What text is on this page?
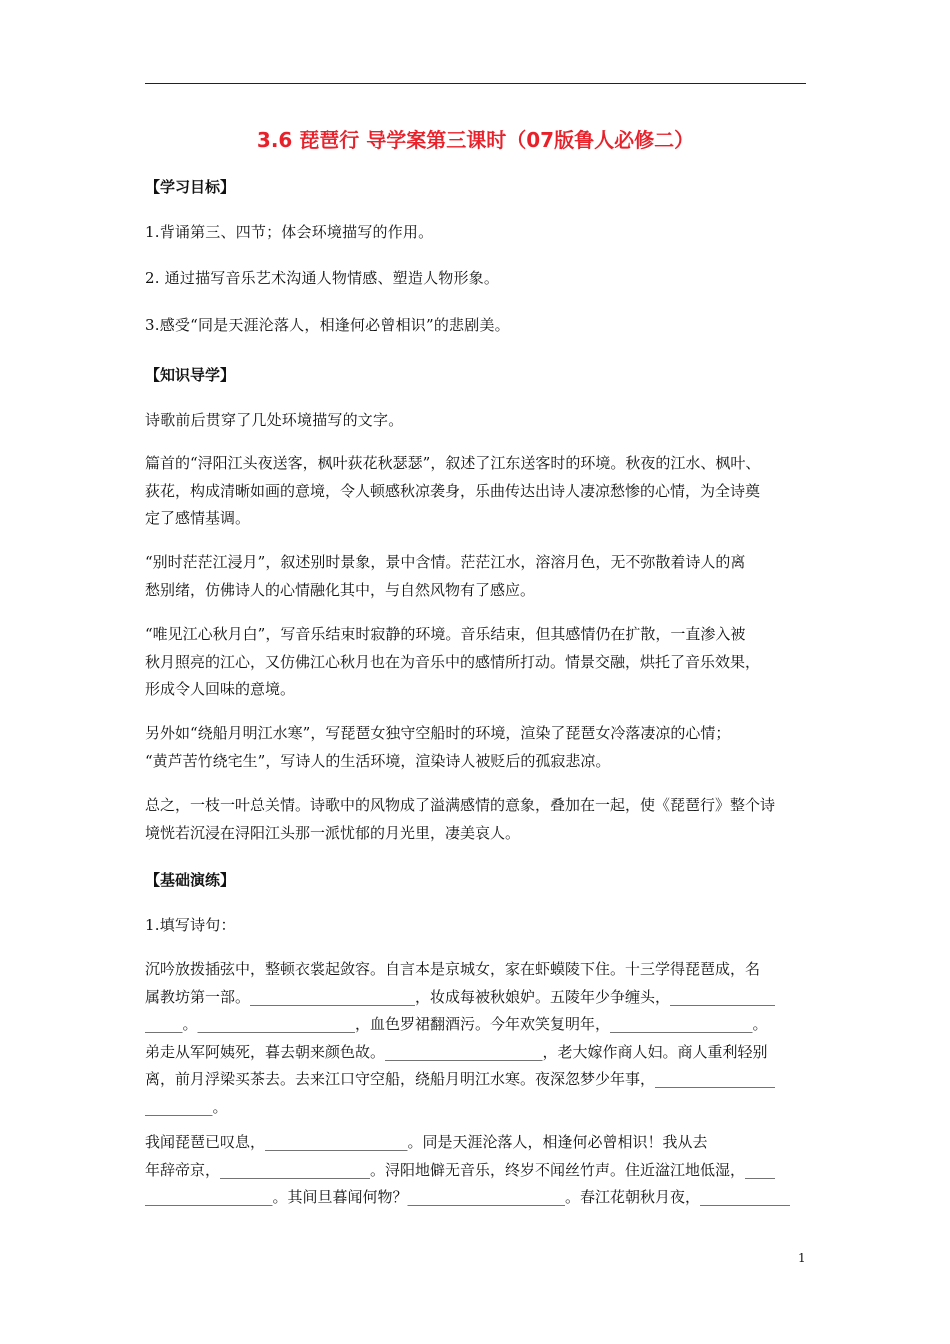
3.6 琵琶行 导学案第三课时（07版鲁人必修二）
【学习目标】
1.背诵第三、四节；体会环境描写的作用。
2. 通过描写音乐艺术沟通人物情感、塑造人物形象。
3.感受“同是天涯沦落人，相逢何必曾相识”的悲剧美。
【知识导学】
诗歌前后贯穿了几处环境描写的文字。
篇首的“浔阳江头夜送客，枫叶荻花秋瑟瑟”，叙述了江东送客时的环境。秋夜的江水、枫叶、
荻花，构成清晰如画的意境，令人顿感秋凉袭身，乐曲传达出诗人凄凉愁惨的心情，为全诗奠
定了感情基调。
“别时茫茫江浸月”，叙述别时景象，景中含情。茫茫江水，溶溶月色，无不弥散着诗人的离
愁别绪，仿佛诗人的心情融化其中，与自然风物有了感应。
“唯见江心秋月白”，写音乐结束时寂静的环境。音乐结束，但其感情仍在扩散，一直渗入被
秋月照亮的江心，又仿佛江心秋月也在为音乐中的感情所打动。情景交融，烘托了音乐效果，
形成令人回味的意境。
另外如“绕船月明江水寒”，写琵琶女独守空船时的环境，渲染了琵琶女冷落凄凉的心情；
“黄芦苦竹绕宅生”，写诗人的生活环境，渲染诗人被贬后的孤寂悲凉。
总之，一枝一叶总关情。诗歌中的风物成了溢满感情的意象，叠加在一起，使《琵琶行》整个诗
境恍若沉浸在浔阳江头那一派忧郁的月光里，凄美哀人。
【基础演练】
1.填写诗句：
沉吟放拨插弦中，整顿衣裳起敛容。自言本是京城女，家在虾蟆陵下住。十三学得琵琶成，名
属教坊第一部。______________________，妆成每被秋娘妒。五陵年少争缠头，______________
_____。_____________________，血色罗裙翻酒污。今年欢笑复明年，___________________。
弟走从军阿姨死，暮去朝来颜色故。_____________________，老大嫁作商人妇。商人重利轻别
离，前月浮梁买茶去。去来江口守空船，绕船月明江水寒。夜深忽梦少年事，________________
_________。
我闻琵琶已叹息，___________________。同是天涯沦落人，相逢何必曾相识！我从去
年辞帝京，____________________。浔阳地僻无音乐，终岁不闻丝竹声。住近湓江地低湿，____
_________________。其间旦暮闻何物？_____________________。春江花朝秋月夜，____________
1
